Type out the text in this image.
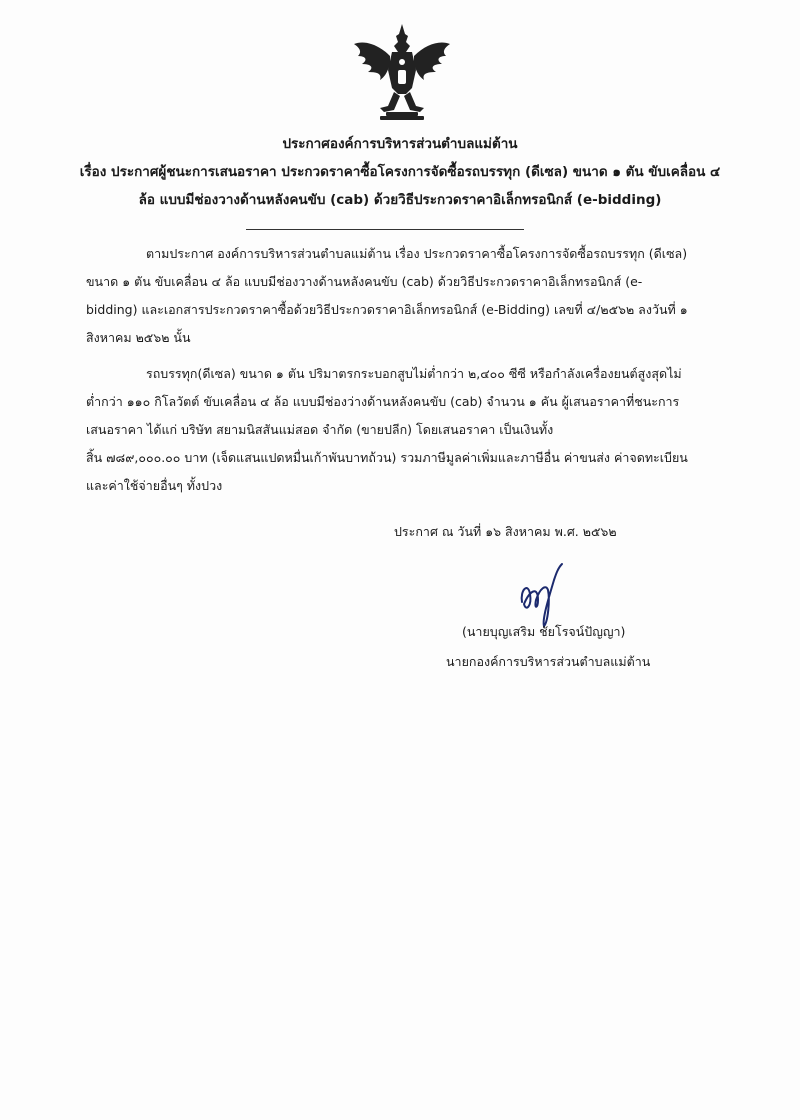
ประกาศองค์การบริหารส่วนตำบลแม่ต้าน
เรื่อง ประกาศผู้ชนะการเสนอราคา ประกวดราคาซื้อโครงการจัดซื้อรถบรรทุก (ดีเซล) ขนาด ๑ ตัน ขับเคลื่อน ๔
ล้อ แบบมีช่องวางด้านหลังคนขับ (cab) ด้วยวิธีประกวดราคาอิเล็กทรอนิกส์ (e-bidding)
ตามประกาศ องค์การบริหารส่วนตำบลแม่ต้าน เรื่อง ประกวดราคาซื้อโครงการจัดซื้อรถบรรทุก (ดีเซล)
ขนาด ๑ ตัน ขับเคลื่อน ๔ ล้อ แบบมีช่องวางด้านหลังคนขับ (cab) ด้วยวิธีประกวดราคาอิเล็กทรอนิกส์ (e-
bidding) และเอกสารประกวดราคาซื้อด้วยวิธีประกวดราคาอิเล็กทรอนิกส์ (e-Bidding) เลขที่ ๔/๒๕๖๒ ลงวันที่ ๑
สิงหาคม ๒๕๖๒ นั้น
รถบรรทุก(ดีเซล) ขนาด ๑ ตัน ปริมาตรกระบอกสูบไม่ต่ำกว่า ๒,๔๐๐ ซีซี หรือกำลังเครื่องยนต์สูงสุดไม่
ต่ำกว่า ๑๑๐ กิโลวัตต์ ขับเคลื่อน ๔ ล้อ แบบมีช่องว่างด้านหลังคนขับ (cab) จำนวน ๑ คัน ผู้เสนอราคาที่ชนะการ
เสนอราคา ได้แก่ บริษัท สยามนิสสันแม่สอด จำกัด (ขายปลีก) โดยเสนอราคา เป็นเงินทั้ง
สิ้น ๗๘๙,๐๐๐.๐๐ บาท (เจ็ดแสนแปดหมื่นเก้าพันบาทถ้วน) รวมภาษีมูลค่าเพิ่มและภาษีอื่น ค่าขนส่ง ค่าจดทะเบียน
และค่าใช้จ่ายอื่นๆ ทั้งปวง
ประกาศ ณ วันที่ ๑๖ สิงหาคม พ.ศ. ๒๕๖๒
(นายบุญเสริม ชัยโรจน์ปัญญา)
นายกองค์การบริหารส่วนตำบลแม่ต้าน
